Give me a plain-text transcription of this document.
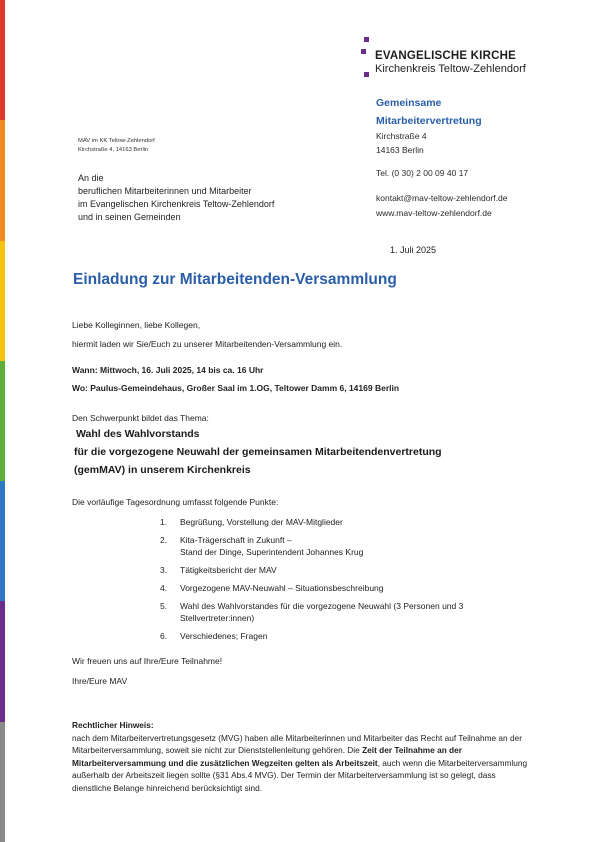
EVANGELISCHE KIRCHE
Kirchenkreis Teltow-Zehlendorf
Gemeinsame
Mitarbeitervertretung
Kirchstraße 4
14163 Berlin
Tel. (0 30) 2 00 09 40 17
kontakt@mav-teltow-zehlendorf.de
www.mav-teltow-zehlendorf.de
MAV im KK Teltow-Zehlendorf
Kirchstraße 4, 14163 Berlin
An die
beruflichen Mitarbeiterinnen und Mitarbeiter
im Evangelischen Kirchenkreis Teltow-Zehlendorf
und in seinen Gemeinden
1. Juli 2025
Einladung zur Mitarbeitenden-Versammlung
Liebe Kolleginnen, liebe Kollegen,
hiermit laden wir Sie/Euch zu unserer Mitarbeitenden-Versammlung ein.
Wann: Mittwoch, 16. Juli 2025, 14 bis ca. 16 Uhr
Wo: Paulus-Gemeindehaus, Großer Saal im 1.OG, Teltower Damm 6, 14169 Berlin
Den Schwerpunkt bildet das Thema:
Wahl des Wahlvorstands
für die vorgezogene Neuwahl der gemeinsamen Mitarbeitendenvertretung
(gemMAV) in unserem Kirchenkreis
Die vorläufige Tagesordnung umfasst folgende Punkte:
1.	Begrüßung, Vorstellung der MAV-Mitglieder
2.	Kita-Trägerschaft in Zukunft –
Stand der Dinge, Superintendent Johannes Krug
3.	Tätigkeitsbericht der MAV
4.	Vorgezogene MAV-Neuwahl – Situationsbeschreibung
5.	Wahl des Wahlvorstandes für die vorgezogene Neuwahl (3 Personen und 3
Stellvertreter:innen)
6.	Verschiedenes; Fragen
Wir freuen uns auf Ihre/Eure Teilnahme!
Ihre/Eure MAV
Rechtlicher Hinweis:
nach dem Mitarbeitervertretungsgesetz (MVG) haben alle Mitarbeiterinnen und Mitarbeiter das Recht auf Teilnahme an der Mitarbeiterversammlung, soweit sie nicht zur Dienststellenleitung gehören. Die Zeit der Teilnahme an der Mitarbeiterversammung und die zusätzlichen Wegzeiten gelten als Arbeitszeit, auch wenn die Mitarbeiterversammlung außerhalb der Arbeitszeit liegen sollte (§31 Abs.4 MVG). Der Termin der Mitarbeiterversammlung ist so gelegt, dass dienstliche Belange hinreichend berücksichtigt sind.
